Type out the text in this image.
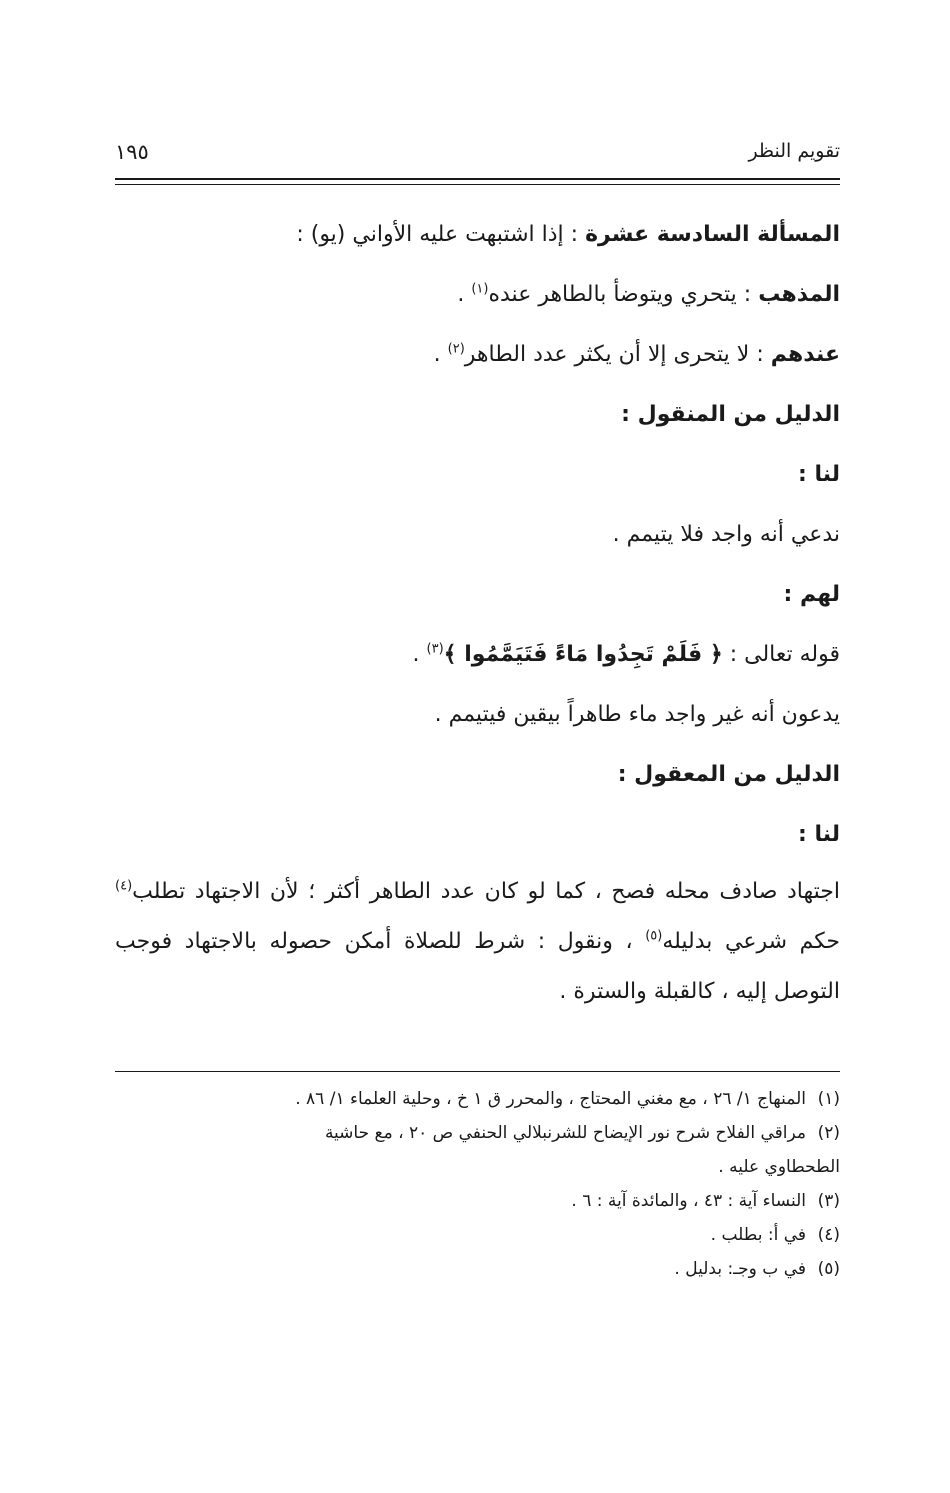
تقويم النظر
١٩٥
المسألة السادسة عشرة : إذا اشتبهت عليه الأواني (يو) :
المذهب : يتحري ويتوضأ بالطاهر عنده$^{(١)}$ .
عندهم : لا يتحرى إلا أن يكثر عدد الطاهر$^{(٢)}$ .
الدليل من المنقول :
لنا :
ندعي أنه واجد فلا يتيمم .
لهم :
قوله تعالى : ﴿ فَلَمْ تَجِدُوا مَاءً فَتَيَمَّمُوا ﴾$^{(٣)}$ .
يدعون أنه غير واجد ماء طاهراً بيقين فيتيمم .
الدليل من المعقول :
لنا :
اجتهاد صادف محله فصح ، كما لو كان عدد الطاهر أكثر ؛ لأن الاجتهاد تطلب$^{(٤)}$ حكم شرعي بدليله$^{(٥)}$ ، ونقول : شرط للصلاة أمكن حصوله بالاجتهاد فوجب التوصل إليه ، كالقبلة والسترة .
(١)المنهاج ١/ ٢٦ ، مع مغني المحتاج ، والمحرر ق ١ خ ، وحلية العلماء ١/ ٨٦ .
(٢)مراقي الفلاح شرح نور الإيضاح للشرنبلالي الحنفي ص ٢٠ ، مع حاشية
الطحطاوي عليه .
(٣)النساء آية : ٤٣ ، والمائدة آية : ٦ .
(٤)في أ: بطلب .
(٥)في ب وجـ: بدليل .
